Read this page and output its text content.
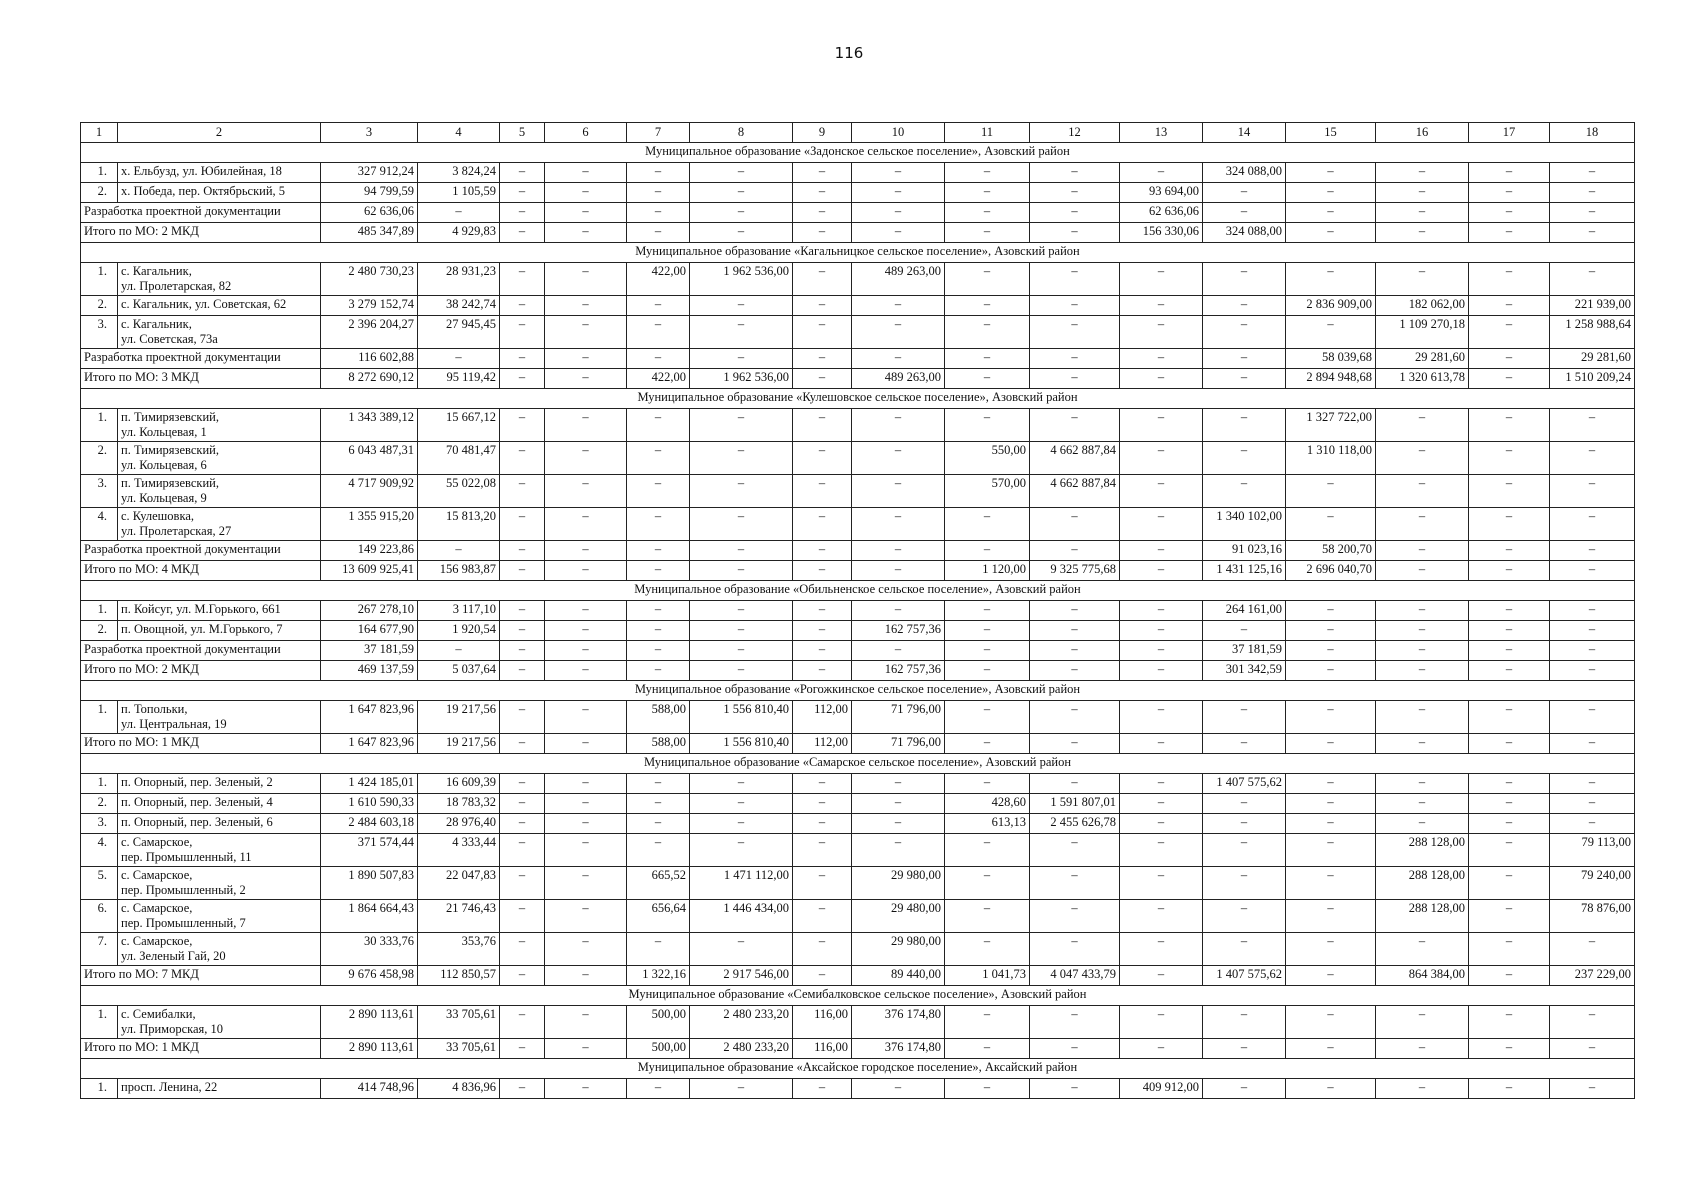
116
1	2	3	4	5	6	7	8	9	10	11	12	13	14	15	16	17	18
Муниципальное образование «Задонское сельское поселение», Азовский район																	
1.	х. Ельбузд, ул. Юбилейная, 18	327 912,24	3 824,24	–	–	–	–	–	–	–	–	–	324 088,00	–	–	–	–
2.	х. Победа, пер. Октябрьский, 5	94 799,59	1 105,59	–	–	–	–	–	–	–	–	93 694,00	–	–	–	–	–
Разработка проектной документации		62 636,06	–	–	–	–	–	–	–	–	–	62 636,06	–	–	–	–	–
Итого по МО: 2 МКД		485 347,89	4 929,83	–	–	–	–	–	–	–	–	156 330,06	324 088,00	–	–	–	–
Муниципальное образование «Кагальницкое сельское поселение», Азовский район																	
1.	с. Кагальник,
ул. Пролетарская, 82	2 480 730,23	28 931,23	–	–	422,00	1 962 536,00	–	489 263,00	–	–	–	–	–	–	–	–
2.	с. Кагальник, ул. Советская, 62	3 279 152,74	38 242,74	–	–	–	–	–	–	–	–	–	–	2 836 909,00	182 062,00	–	221 939,00
3.	с. Кагальник,
ул. Советская, 73а	2 396 204,27	27 945,45	–	–	–	–	–	–	–	–	–	–	–	1 109 270,18	–	1 258 988,64
Разработка проектной документации		116 602,88	–	–	–	–	–	–	–	–	–	–	–	58 039,68	29 281,60	–	29 281,60
Итого по МО: 3 МКД		8 272 690,12	95 119,42	–	–	422,00	1 962 536,00	–	489 263,00	–	–	–	–	2 894 948,68	1 320 613,78	–	1 510 209,24
Муниципальное образование «Кулешовское сельское поселение», Азовский район																	
1.	п. Тимирязевский,
ул. Кольцевая, 1	1 343 389,12	15 667,12	–	–	–	–	–	–	–	–	–	–	1 327 722,00	–	–	–
2.	п. Тимирязевский,
ул. Кольцевая, 6	6 043 487,31	70 481,47	–	–	–	–	–	–	550,00	4 662 887,84	–	–	1 310 118,00	–	–	–
3.	п. Тимирязевский,
ул. Кольцевая, 9	4 717 909,92	55 022,08	–	–	–	–	–	–	570,00	4 662 887,84	–	–	–	–	–	–
4.	с. Кулешовка,
ул. Пролетарская, 27	1 355 915,20	15 813,20	–	–	–	–	–	–	–	–	–	1 340 102,00	–	–	–	–
Разработка проектной документации		149 223,86	–	–	–	–	–	–	–	–	–	–	91 023,16	58 200,70	–	–	–
Итого по МО: 4 МКД		13 609 925,41	156 983,87	–	–	–	–	–	–	1 120,00	9 325 775,68	–	1 431 125,16	2 696 040,70	–	–	–
Муниципальное образование «Обильненское сельское поселение», Азовский район																	
1.	п. Койсуг, ул. М.Горького, 661	267 278,10	3 117,10	–	–	–	–	–	–	–	–	–	264 161,00	–	–	–	–
2.	п. Овощной, ул. М.Горького, 7	164 677,90	1 920,54	–	–	–	–	–	162 757,36	–	–	–	–	–	–	–	–
Разработка проектной документации		37 181,59	–	–	–	–	–	–	–	–	–	–	37 181,59	–	–	–	–
Итого по МО: 2 МКД		469 137,59	5 037,64	–	–	–	–	–	162 757,36	–	–	–	301 342,59	–	–	–	–
Муниципальное образование «Рогожкинское сельское поселение», Азовский район																	
1.	п. Топольки,
ул. Центральная, 19	1 647 823,96	19 217,56	–	–	588,00	1 556 810,40	112,00	71 796,00	–	–	–	–	–	–	–	–
Итого по МО: 1 МКД		1 647 823,96	19 217,56	–	–	588,00	1 556 810,40	112,00	71 796,00	–	–	–	–	–	–	–	–
Муниципальное образование «Самарское сельское поселение», Азовский район																	
1.	п. Опорный, пер. Зеленый, 2	1 424 185,01	16 609,39	–	–	–	–	–	–	–	–	–	1 407 575,62	–	–	–	–
2.	п. Опорный, пер. Зеленый, 4	1 610 590,33	18 783,32	–	–	–	–	–	–	428,60	1 591 807,01	–	–	–	–	–	–
3.	п. Опорный, пер. Зеленый, 6	2 484 603,18	28 976,40	–	–	–	–	–	–	613,13	2 455 626,78	–	–	–	–	–	–
4.	с. Самарское,
пер. Промышленный, 11	371 574,44	4 333,44	–	–	–	–	–	–	–	–	–	–	–	288 128,00	–	79 113,00
5.	с. Самарское,
пер. Промышленный, 2	1 890 507,83	22 047,83	–	–	665,52	1 471 112,00	–	29 980,00	–	–	–	–	–	288 128,00	–	79 240,00
6.	с. Самарское,
пер. Промышленный, 7	1 864 664,43	21 746,43	–	–	656,64	1 446 434,00	–	29 480,00	–	–	–	–	–	288 128,00	–	78 876,00
7.	с. Самарское,
ул. Зеленый Гай, 20	30 333,76	353,76	–	–	–	–	–	29 980,00	–	–	–	–	–	–	–	–
Итого по МО: 7 МКД		9 676 458,98	112 850,57	–	–	1 322,16	2 917 546,00	–	89 440,00	1 041,73	4 047 433,79	–	1 407 575,62	–	864 384,00	–	237 229,00
Муниципальное образование «Семибалковское сельское поселение», Азовский район																	
1.	с. Семибалки,
ул. Приморская, 10	2 890 113,61	33 705,61	–	–	500,00	2 480 233,20	116,00	376 174,80	–	–	–	–	–	–	–	–
Итого по МО: 1 МКД		2 890 113,61	33 705,61	–	–	500,00	2 480 233,20	116,00	376 174,80	–	–	–	–	–	–	–	–
Муниципальное образование «Аксайское городское поселение», Аксайский район																	
1.	просп. Ленина, 22	414 748,96	4 836,96	–	–	–	–	–	–	–	–	409 912,00	–	–	–	–	–
